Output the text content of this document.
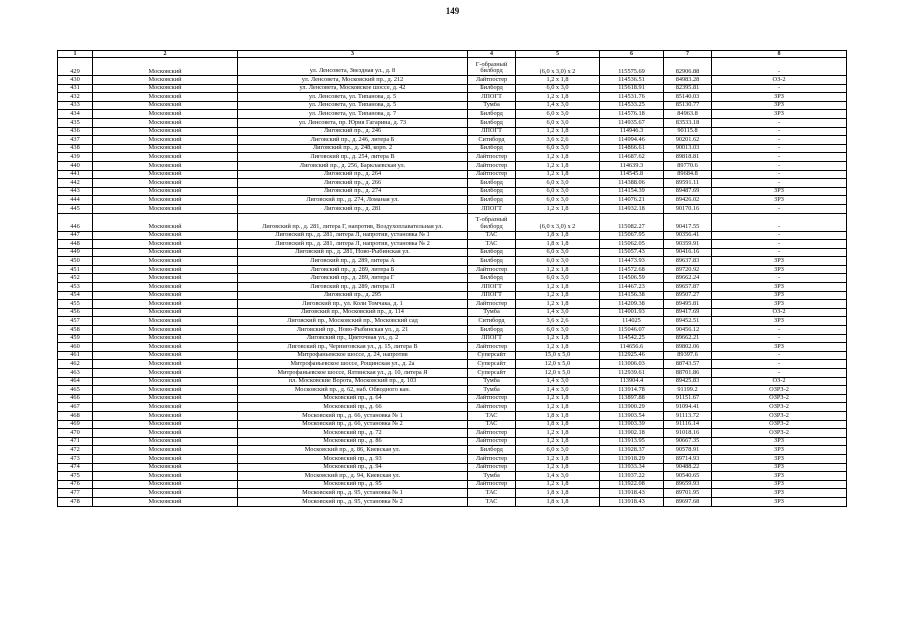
149
1	2	3	4	5	6	7	8
429	Московский	ул. Ленсовета, Звездная ул., д. 8	Г-образный билборд	(6,0 x 3,0) x 2	115575.69	82906.88	-
430	Московский	ул. Ленсовета, Московский пр., д. 212	Лайтпостер	1,2 x 1,8	114536.51	84983.28	ОЗ-2
431	Московский	ул. Ленсовета, Московское шоссе, д. 42	Билборд	6,0 x 3,0	115618.91	82395.81	-
432	Московский	ул. Ленсовета, ул. Типанова, д. 5	ЛПОГТ	1,2 x 1,8	114531.76	85140.03	ЗРЗ
433	Московский	ул. Ленсовета, ул. Типанова, д. 5	Тумба	1,4 x 3,0	114533.25	85130.77	ЗРЗ
434	Московский	ул. Ленсовета, ул. Типанова, д. 7	Билборд	6,0 x 3,0	114576.18	84963.8	ЗРЗ
435	Московский	ул. Ленсовета, пр. Юрия Гагарина, д. 73	Билборд	6,0 x 3,0	114935.67	83533.18	-
436	Московский	Лиговский пр., д. 246	ЛПОГТ	1,2 x 1,8	114946.3	90115.8	-
437	Московский	Лиговский пр., д. 246, литера Б	Ситиборд	3,6 x 2,6	114994.46	90201.62	-
438	Московский	Лиговский пр., д. 248, корп. 2	Билборд	6,0 x 3,0	114866.61	90013.03	-
439	Московский	Лиговский пр., д. 254, литера В	Лайтпостер	1,2 x 1,8	114687.62	89818.81	-
440	Московский	Лиговский пр., д. 256, Барклаевская ул.	Лайтпостер	1,2 x 1,8	114639.3	89770.6	-
441	Московский	Лиговский пр., д. 264	Лайтпостер	1,2 x 1,8	114545.8	89684.8	-
442	Московский	Лиговский пр., д. 266	Билборд	6,0 x 3,0	114388.06	89591.11	-
443	Московский	Лиговский пр., д. 274	Билборд	6,0 x 3,0	114154.39	89487.69	ЗРЗ
444	Московский	Лиговский пр., д. 274, Ломаная ул.	Билборд	6,0 x 3,0	114076.21	89426.02	ЗРЗ
445	Московский	Лиговский пр., д. 281	ЛПОГТ	1,2 x 1,8	114932.18	90170.16	-
446	Московский	Лиговский пр., д. 281, литера Г, напротив, Воздухоплавательная ул.	Т-образный билборд	(6,0 x 3,0) x 2	115082.27	90417.55	-
447	Московский	Лиговский пр., д. 281, литера Л, напротив, установка № 1	ТАС	1,8 x 1,8	115067.95	90356.41	-
448	Московский	Лиговский пр., д. 281, литера Л, напротив, установка № 2	ТАС	1,8 x 1,8	115062.05	90359.91	-
449	Московский	Лиговский пр., д. 281, Ново-Рыбинская ул.	Билборд	6,0 x 3,0	115057.43	90416.16	-
450	Московский	Лиговский пр., д. 289, литера А	Билборд	6,0 x 3,0	114473.93	89637.83	ЗРЗ
451	Московский	Лиговский пр., д. 289, литера Б	Лайтпостер	1,2 x 1,8	114572.68	89720.92	ЗРЗ
452	Московский	Лиговский пр., д. 289, литера Г	Билборд	6,0 x 3,0	114506.59	89662.24	-
453	Московский	Лиговский пр., д. 289, литера Л	ЛПОГТ	1,2 x 1,8	114467.23	89657.87	ЗРЗ
454	Московский	Лиговский пр., д. 295	ЛПОГТ	1,2 x 1,8	114156.38	89507.27	ЗРЗ
455	Московский	Лиговский пр., ул. Коли Томчака, д. 1	Лайтпостер	1,2 x 1,8	114209.38	89495.81	ЗРЗ
456	Московский	Лиговский пр., Московский пр., д. 114	Тумба	1,4 x 3,0	114001.93	89417.69	ОЗ-2
457	Московский	Лиговский пр., Московский пр., Московский сад	Ситиборд	3,6 x 2,6	114025	89452.51	ЗРЗ
458	Московский	Лиговский пр., Ново-Рыбинская ул., д. 21	Билборд	6,0 x 3,0	115046.07	90456.12	-
459	Московский	Лиговский пр., Цветочная ул., д. 2	ЛПОГТ	1,2 x 1,8	114542.25	89662.21	-
460	Московский	Лиговский пр., Черниговская ул., д. 15, литера В	Лайтпостер	1,2 x 1,8	114656.6	89802.06	ЗРЗ
461	Московский	Митрофаньевское шоссе, д. 24, напротив	Суперсайт	15,0 x 5,0	112925.46	89397.6	-
462	Московский	Митрофаньевское шоссе, Рощинская ул., д. 2а	Суперсайт	12,0 x 5,0	113006.03	88743.57	-
463	Московский	Митрофаньевское шоссе, Ялтинская ул., д. 10, литера Я	Суперсайт	12,0 x 5,0	112939.61	88701.86	-
464	Московский	пл. Московские Ворота, Московский пр., д. 103	Тумба	1,4 x 3,0	113904.4	89425.83	ОЗ-2
465	Московский	Московский пр., д. 62, наб. Обводного кан.	Тумба	1,4 x 3,0	113914.78	91199.2	ОЗРЗ-2
466	Московский	Московский пр., д. 64	Лайтпостер	1,2 x 1,8	113897.88	91151.67	ОЗРЗ-2
467	Московский	Московский пр., д. 66	Лайтпостер	1,2 x 1,8	113900.29	91094.41	ОЗРЗ-2
468	Московский	Московский пр., д. 66, установка № 1	ТАС	1,8 x 1,8	113903.54	91113.72	ОЗРЗ-2
469	Московский	Московский пр., д. 66, установка № 2	ТАС	1,8 x 1,8	113903.39	91116.14	ОЗРЗ-2
470	Московский	Московский пр., д. 72	Лайтпостер	1,2 x 1,8	113902.18	91018.16	ОЗРЗ-2
471	Московский	Московский пр., д. 86	Лайтпостер	1,2 x 1,8	113913.95	90667.35	ЗРЗ
472	Московский	Московский пр., д. 86, Киевская ул.	Билборд	6,0 x 3,0	113928.37	90578.91	ЗРЗ
473	Московский	Московский пр., д. 93	Лайтпостер	1,2 x 1,8	113918.29	89714.93	ЗРЗ
474	Московский	Московский пр., д. 94	Лайтпостер	1,2 x 1,8	113933.34	90488.22	ЗРЗ
475	Московский	Московский пр., д. 94, Киевская ул.	Тумба	1,4 x 3,0	113937.22	90540.65	ЗРЗ
476	Московский	Московский пр., д. 95	Лайтпостер	1,2 x 1,8	113922.08	89659.93	ЗРЗ
477	Московский	Московский пр., д. 95, установка № 1	ТАС	1,8 x 1,8	113918.43	89701.95	ЗРЗ
478	Московский	Московский пр., д. 95, установка № 2	ТАС	1,8 x 1,8	113918.43	89697.68	ЗРЗ
